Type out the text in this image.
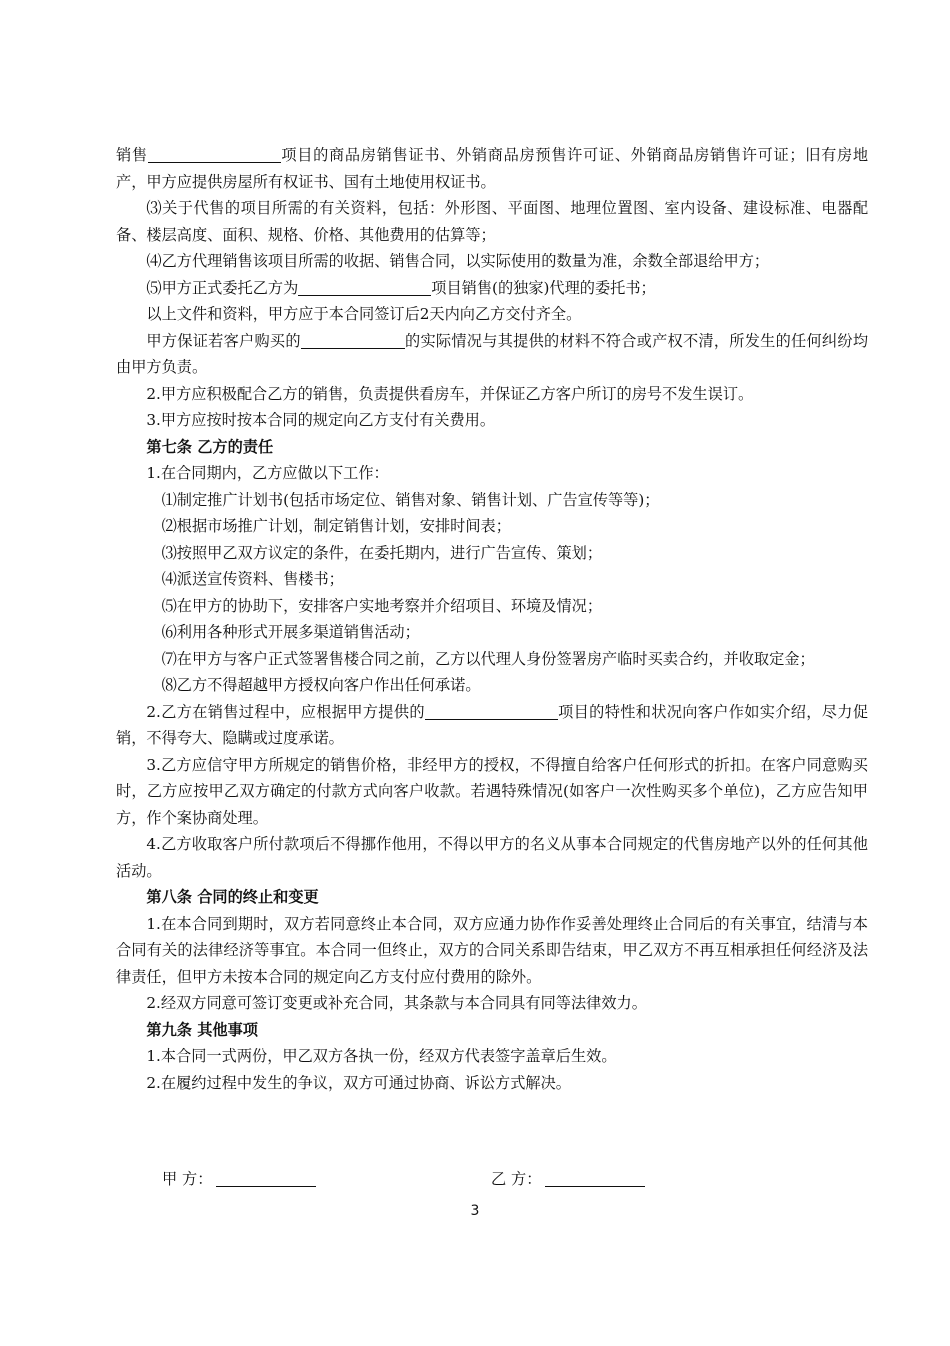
销售	项目的商品房销售证书、外销商品房预售许可证、外销商品房销售许可证；旧有房地产，甲方应提供房屋所有权证书、国有土地使用权证书。

⑶关于代售的项目所需的有关资料，包括：外形图、平面图、地理位置图、室内设备、建设标准、电器配备、楼层高度、面积、规格、价格、其他费用的估算等；

⑷乙方代理销售该项目所需的收据、销售合同，以实际使用的数量为准，余数全部退给甲方；

⑸甲方正式委托乙方为	项目销售(的独家)代理的委托书；

以上文件和资料，甲方应于本合同签订后2天内向乙方交付齐全。

甲方保证若客户购买的	的实际情况与其提供的材料不符合或产权不清，所发生的任何纠纷均由甲方负责。

2.甲方应积极配合乙方的销售，负责提供看房车，并保证乙方客户所订的房号不发生误订。

3.甲方应按时按本合同的规定向乙方支付有关费用。

第七条 乙方的责任

1.在合同期内，乙方应做以下工作：

⑴制定推广计划书(包括市场定位、销售对象、销售计划、广告宣传等等)；

⑵根据市场推广计划，制定销售计划，安排时间表；

⑶按照甲乙双方议定的条件，在委托期内，进行广告宣传、策划；

⑷派送宣传资料、售楼书；

⑸在甲方的协助下，安排客户实地考察并介绍项目、环境及情况；

⑹利用各种形式开展多渠道销售活动；

⑺在甲方与客户正式签署售楼合同之前，乙方以代理人身份签署房产临时买卖合约，并收取定金；

⑻乙方不得超越甲方授权向客户作出任何承诺。

2.乙方在销售过程中，应根据甲方提供的	项目的特性和状况向客户作如实介绍，尽力促销，不得夸大、隐瞒或过度承诺。

3.乙方应信守甲方所规定的销售价格，非经甲方的授权，不得擅自给客户任何形式的折扣。在客户同意购买时，乙方应按甲乙双方确定的付款方式向客户收款。若遇特殊情况(如客户一次性购买多个单位)，乙方应告知甲方，作个案协商处理。

4.乙方收取客户所付款项后不得挪作他用，不得以甲方的名义从事本合同规定的代售房地产以外的任何其他活动。

第八条 合同的终止和变更

1.在本合同到期时，双方若同意终止本合同，双方应通力协作作妥善处理终止合同后的有关事宜，结清与本合同有关的法律经济等事宜。本合同一但终止，双方的合同关系即告结束，甲乙双方不再互相承担任何经济及法律责任，但甲方未按本合同的规定向乙方支付应付费用的除外。

2.经双方同意可签订变更或补充合同，其条款与本合同具有同等法律效力。

第九条 其他事项

1.本合同一式两份，甲乙双方各执一份，经双方代表签字盖章后生效。

2.在履约过程中发生的争议，双方可通过协商、诉讼方式解决。

甲 方：	乙 方：
3
